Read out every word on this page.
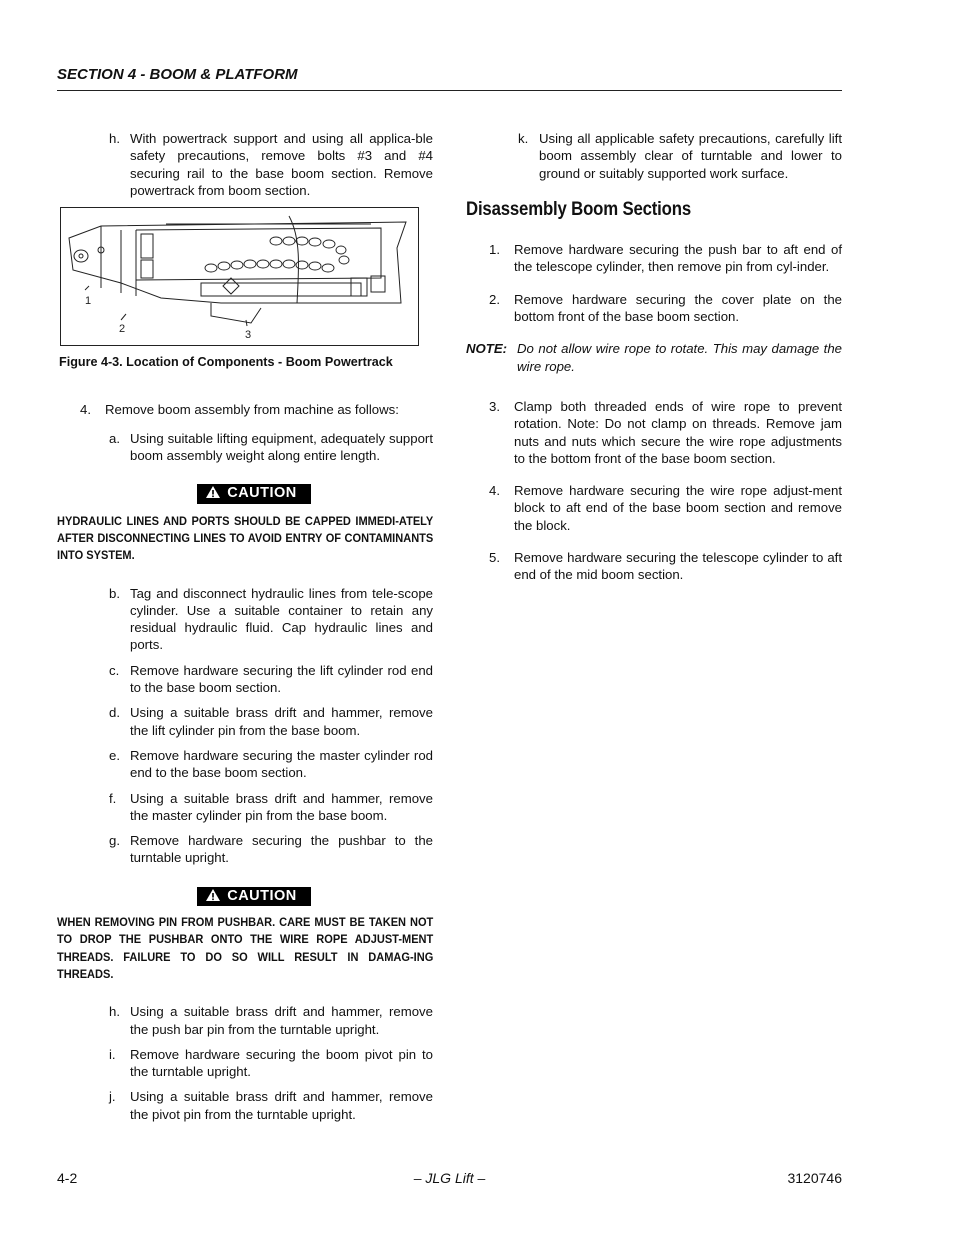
SECTION 4 - BOOM & PLATFORM
h. With powertrack support and using all applica-ble safety precautions, remove bolts #3 and #4 securing rail to the base boom section. Remove powertrack from boom section.
1
2	3
Figure 4-3. Location of Components - Boom Powertrack
4. Remove boom assembly from machine as follows:
a. Using suitable lifting equipment, adequately support boom assembly weight along entire length.
CAUTION
HYDRAULIC LINES AND PORTS SHOULD BE CAPPED IMMEDI-ATELY AFTER DISCONNECTING LINES TO AVOID ENTRY OF CONTAMINANTS INTO SYSTEM.
b. Tag and disconnect hydraulic lines from tele-scope cylinder. Use a suitable container to retain any residual hydraulic fluid. Cap hydraulic lines and ports.
c. Remove hardware securing the lift cylinder rod end to the base boom section.
d. Using a suitable brass drift and hammer, remove the lift cylinder pin from the base boom.
e. Remove hardware securing the master cylinder rod end to the base boom section.
f. Using a suitable brass drift and hammer, remove the master cylinder pin from the base boom.
g. Remove hardware securing the pushbar to the turntable upright.
CAUTION
WHEN REMOVING PIN FROM PUSHBAR. CARE MUST BE TAKEN NOT TO DROP THE PUSHBAR ONTO THE WIRE ROPE ADJUST-MENT THREADS. FAILURE TO DO SO WILL RESULT IN DAMAG-ING THREADS.
h. Using a suitable brass drift and hammer, remove the push bar pin from the turntable upright.
i. Remove hardware securing the boom pivot pin to the turntable upright.
j. Using a suitable brass drift and hammer, remove the pivot pin from the turntable upright.
k. Using all applicable safety precautions, carefully lift boom assembly clear of turntable and lower to ground or suitably supported work surface.
Disassembly Boom Sections
1. Remove hardware securing the push bar to aft end of the telescope cylinder, then remove pin from cyl-inder.
2. Remove hardware securing the cover plate on the bottom front of the base boom section.
NOTE: Do not allow wire rope to rotate. This may damage the wire rope.
3. Clamp both threaded ends of wire rope to prevent rotation. Note: Do not clamp on threads. Remove jam nuts and nuts which secure the wire rope adjustments to the bottom front of the base boom section.
4. Remove hardware securing the wire rope adjust-ment block to aft end of the base boom section and remove the block.
5. Remove hardware securing the telescope cylinder to aft end of the mid boom section.
4-2	– JLG Lift –	3120746
